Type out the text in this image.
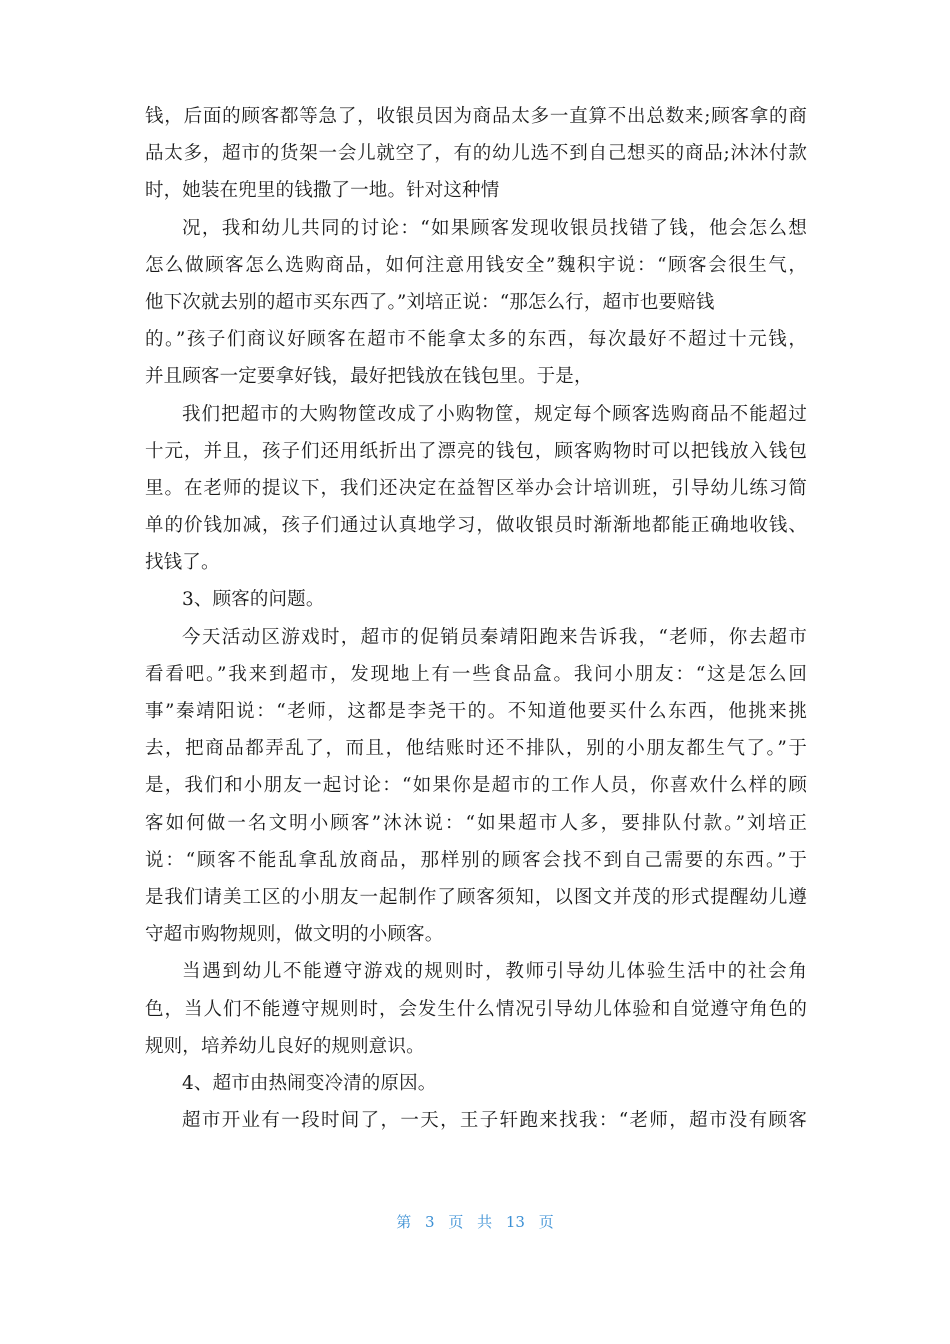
钱，后面的顾客都等急了，收银员因为商品太多一直算不出总数来;顾客拿的商
品太多，超市的货架一会儿就空了，有的幼儿选不到自己想买的商品;沐沐付款
时，她装在兜里的钱撒了一地。针对这种情
况，我和幼儿共同的讨论：“如果顾客发现收银员找错了钱，他会怎么想
怎么做顾客怎么选购商品，如何注意用钱安全”魏积宇说：“顾客会很生气，
他下次就去别的超市买东西了。”刘培正说：“那怎么行，超市也要赔钱
的。”孩子们商议好顾客在超市不能拿太多的东西，每次最好不超过十元钱，
并且顾客一定要拿好钱，最好把钱放在钱包里。于是，
我们把超市的大购物筐改成了小购物筐，规定每个顾客选购商品不能超过
十元，并且，孩子们还用纸折出了漂亮的钱包，顾客购物时可以把钱放入钱包
里。在老师的提议下，我们还决定在益智区举办会计培训班，引导幼儿练习简
单的价钱加减，孩子们通过认真地学习，做收银员时渐渐地都能正确地收钱、
找钱了。
3、顾客的问题。
今天活动区游戏时，超市的促销员秦靖阳跑来告诉我，“老师，你去超市
看看吧。”我来到超市，发现地上有一些食品盒。我问小朋友：“这是怎么回
事”秦靖阳说：“老师，这都是李尧干的。不知道他要买什么东西，他挑来挑
去，把商品都弄乱了，而且，他结账时还不排队，别的小朋友都生气了。”于
是，我们和小朋友一起讨论：“如果你是超市的工作人员，你喜欢什么样的顾
客如何做一名文明小顾客”沐沐说：“如果超市人多，要排队付款。”刘培正
说：“顾客不能乱拿乱放商品，那样别的顾客会找不到自己需要的东西。”于
是我们请美工区的小朋友一起制作了顾客须知，以图文并茂的形式提醒幼儿遵
守超市购物规则，做文明的小顾客。
当遇到幼儿不能遵守游戏的规则时，教师引导幼儿体验生活中的社会角
色，当人们不能遵守规则时，会发生什么情况引导幼儿体验和自觉遵守角色的
规则，培养幼儿良好的规则意识。
4、超市由热闹变冷清的原因。
超市开业有一段时间了，一天，王子轩跑来找我：“老师，超市没有顾客
第 3 页 共 13 页
